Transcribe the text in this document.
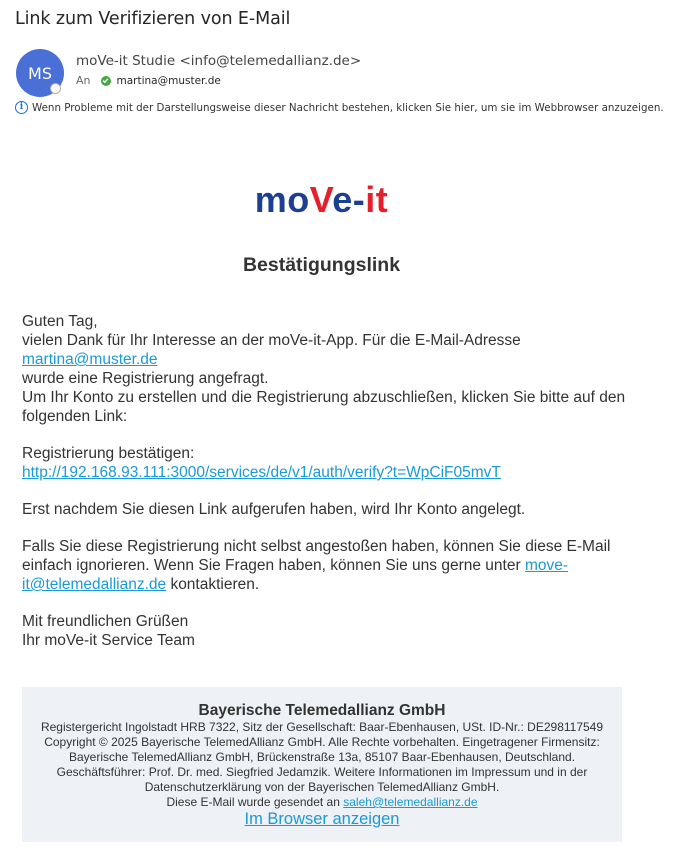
Link zum Verifizieren von E-Mail
MS
moVe-it Studie <info@telemedallianz.de>
An martina@muster.de
i Wenn Probleme mit der Darstellungsweise dieser Nachricht bestehen, klicken Sie hier, um sie im Webbrowser anzuzeigen.
moVe-it
Bestätigungslink

Guten Tag,

vielen Dank für Ihr Interesse an der moVe-it-App. Für die E-Mail-Adresse

martina@muster.de

wurde eine Registrierung angefragt.

Um Ihr Konto zu erstellen und die Registrierung abzuschließen, klicken Sie bitte auf den folgenden Link:

Registrierung bestätigen:

http://192.168.93.111:3000/services/de/v1/auth/verify?t=WpCiF05mvT

Erst nachdem Sie diesen Link aufgerufen haben, wird Ihr Konto angelegt.

Falls Sie diese Registrierung nicht selbst angestoßen haben, können Sie diese E-Mail einfach ignorieren. Wenn Sie Fragen haben, können Sie uns gerne unter move-it@telemedallianz.de kontaktieren.

Mit freundlichen Grüßen

Ihr moVe-it Service Team

Bayerische Telemedallianz GmbH
Registergericht Ingolstadt HRB 7322, Sitz der Gesellschaft: Baar-Ebenhausen, USt. ID-Nr.: DE298117549
Copyright © 2025 Bayerische TelemedAllianz GmbH. Alle Rechte vorbehalten. Eingetragener Firmensitz: Bayerische TelemedAllianz GmbH, Brückenstraße 13a, 85107 Baar-Ebenhausen, Deutschland. Geschäftsführer: Prof. Dr. med. Siegfried Jedamzik. Weitere Informationen im Impressum und in der Datenschutzerklärung von der Bayerischen TelemedAllianz GmbH.
Diese E-Mail wurde gesendet an saleh@telemedallianz.de
Im Browser anzeigen
